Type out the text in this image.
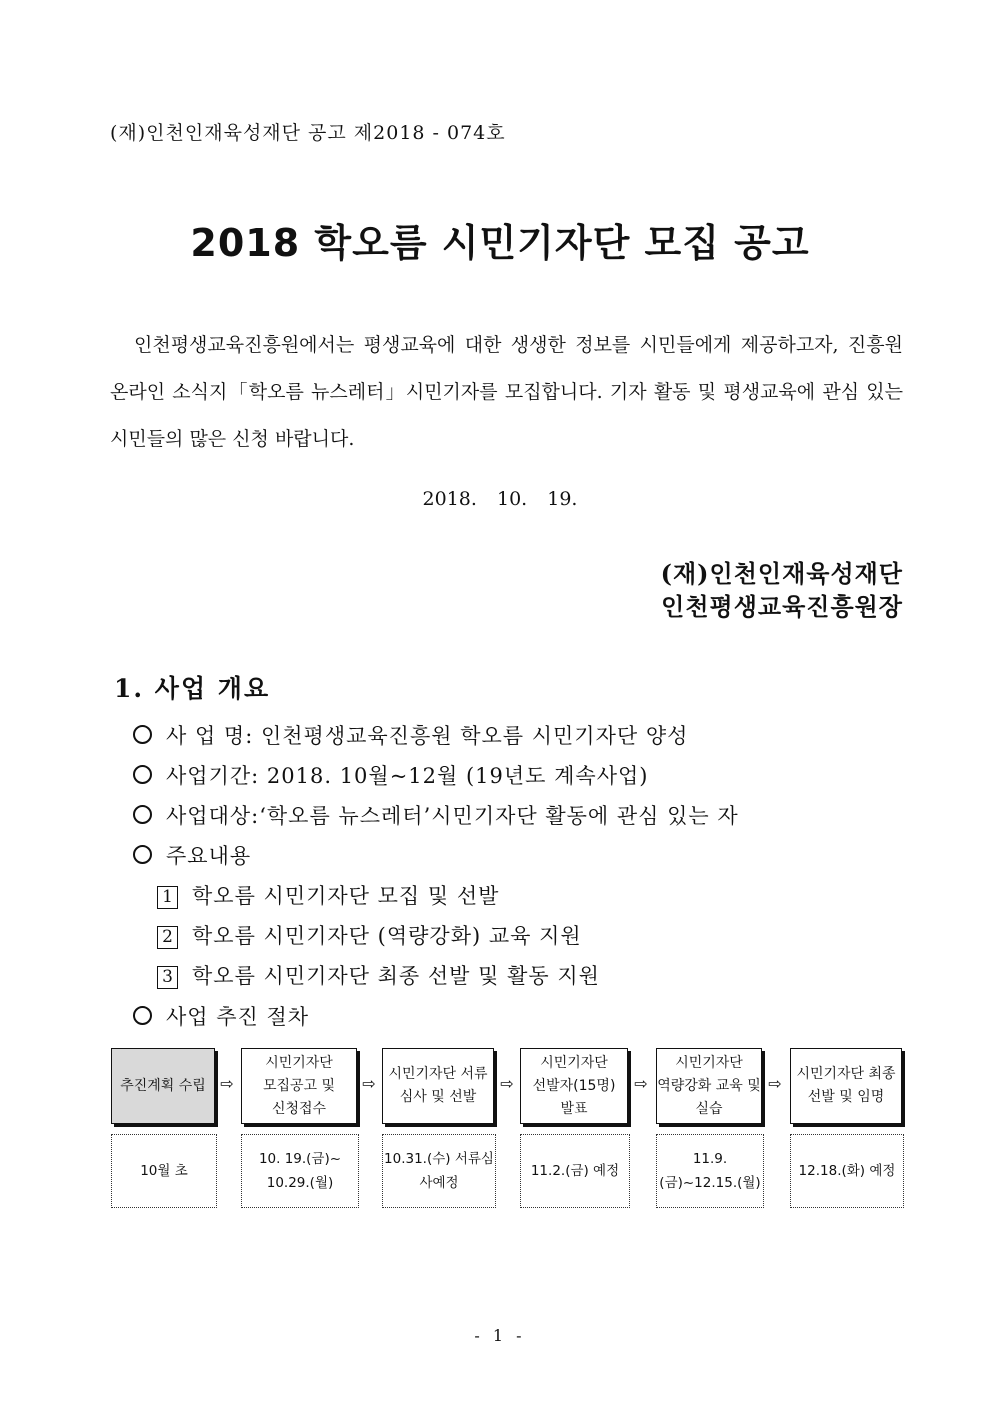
(재)인천인재육성재단 공고 제2018 - 074호
2018 학오름 시민기자단 모집 공고
인천평생교육진흥원에서는 평생교육에 대한 생생한 정보를 시민들에게 제공하고자, 진흥원 온라인 소식지「학오름 뉴스레터」시민기자를 모집합니다. 기자 활동 및 평생교육에 관심 있는 시민들의 많은 신청 바랍니다.
2018. 10. 19.
(재)인천인재육성재단
인천평생교육진흥원장
1. 사업 개요
사 업 명: 인천평생교육진흥원 학오름 시민기자단 양성
사업기간: 2018. 10월~12월 (19년도 계속사업)
사업대상:‘학오름 뉴스레터’시민기자단 활동에 관심 있는 자
주요내용
1 학오름 시민기자단 모집 및 선발
2 학오름 시민기자단 (역량강화) 교육 지원
3 학오름 시민기자단 최종 선발 및 활동 지원
사업 추진 절차
추진계획 수립 ⇨
시민기자단 모집공고 및 신청접수
⇨ 시민기자단 서류 심사 및 선발
⇨
시민기자단 선발자(15명) 발표
⇨
시민기자단 역량강화 교육 및 실습
⇨	시민기자단 최종 선발 및 임명
10월 초
10. 19.(금)~ 10.29.(월)
10.31.(수) 서류심사예정
11.2.(금) 예정
11.9.(금)~12.15.(월)
12.18.(화) 예정
- 1 -
